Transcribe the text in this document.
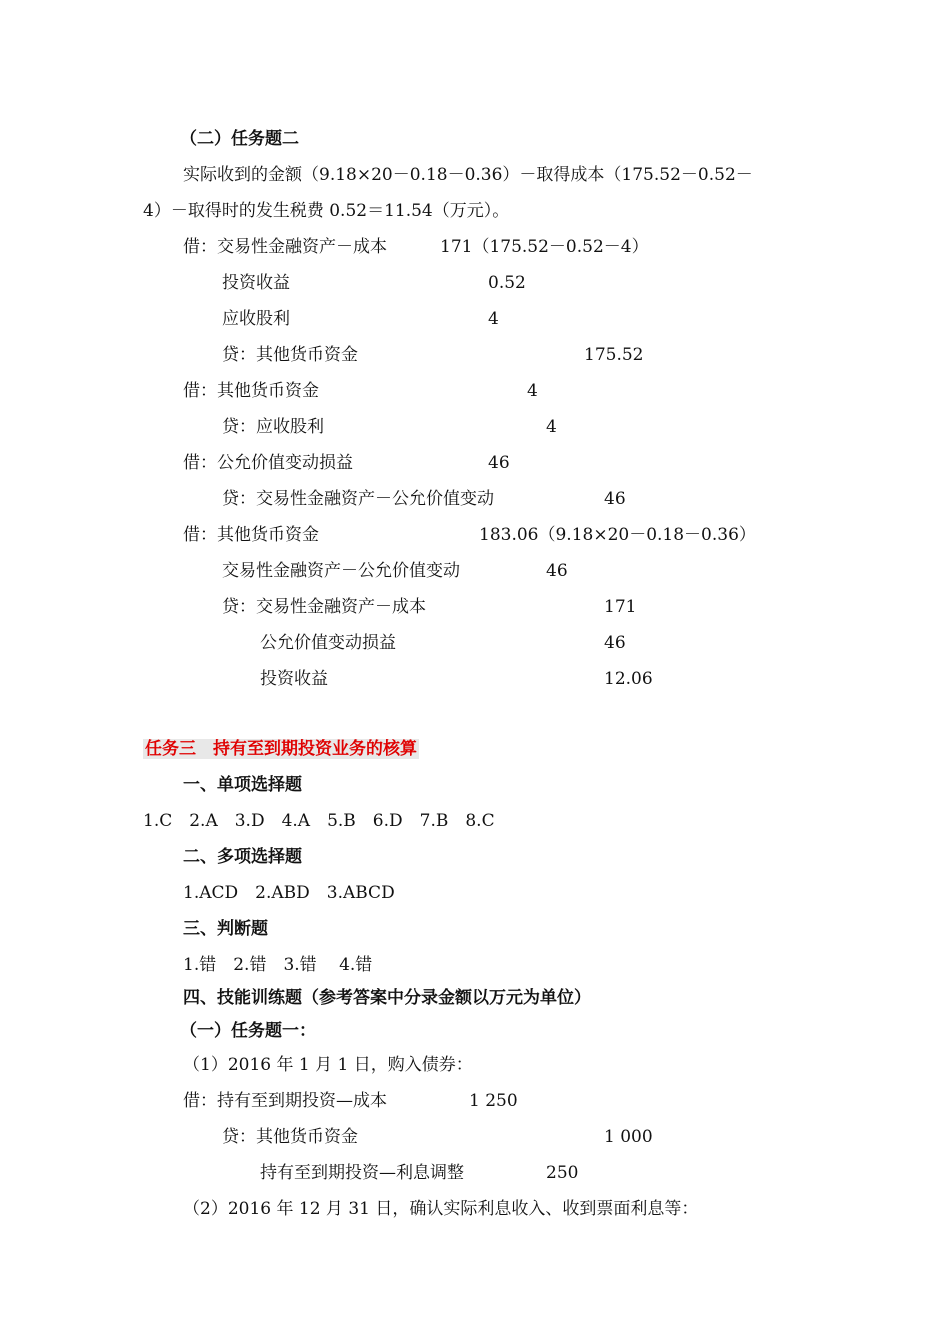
（二）任务题二
实际收到的金额（9.18×20－0.18－0.36）－取得成本（175.52－0.52－
4）－取得时的发生税费 0.52＝11.54（万元）。
借：交易性金融资产－成本	171（175.52－0.52－4）
投资收益	0.52
应收股利	4
贷：其他货币资金	175.52
借：其他货币资金	4
贷：应收股利	4
借：公允价值变动损益	46
贷：交易性金融资产－公允价值变动	46
借：其他货币资金	183.06（9.18×20－0.18－0.36）
交易性金融资产－公允价值变动	46
贷：交易性金融资产－成本	171
公允价值变动损益	46
投资收益	12.06
任务三　持有至到期投资业务的核算
一、单项选择题
1.C　2.A　3.D　4.A　5.B　6.D　7.B　8.C
二、多项选择题
1.ACD　2.ABD　3.ABCD
三、判断题
1.错　2.错　3.错　 4.错
四、技能训练题（参考答案中分录金额以万元为单位）
（一）任务题一：
（1）2016 年 1 月 1 日，购入债券：
借：持有至到期投资—成本	1 250
贷：其他货币资金	1 000
持有至到期投资—利息调整	250
（2）2016 年 12 月 31 日，确认实际利息收入、收到票面利息等：
